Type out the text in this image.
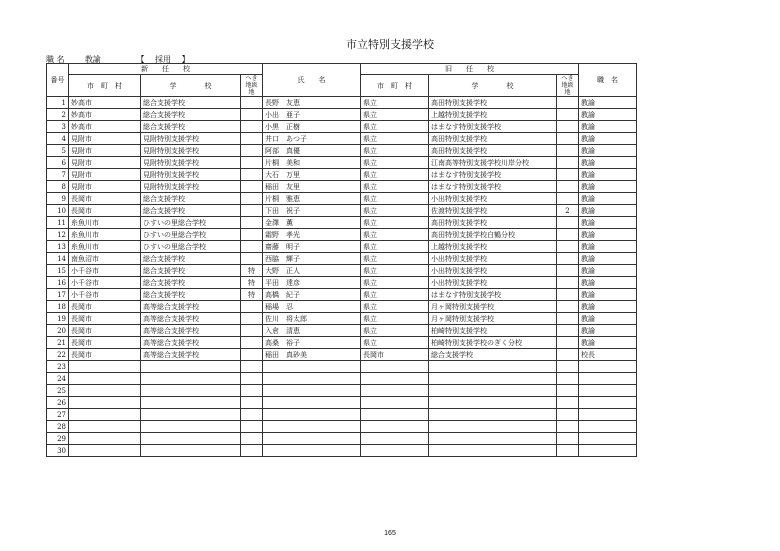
市立特別支援学校
職 名	教諭	【　 採用　 】
番号	新　　任　　校			氏　　名	旧　　任　　校			職　名
	市　町　村	学　　　　校	へき地級 地		市　町　村	学　　　　校	へき地級 地	
1	妙高市	総合支援学校		長野　友恵	県立	高田特別支援学校		教諭
2	妙高市	総合支援学校		小出　亜子	県立	上越特別支援学校		教諭
3	妙高市	総合支援学校		小黒　正樹	県立	はまなす特別支援学校		教諭
4	見附市	見附特別支援学校		井口　あつ子	県立	高田特別支援学校		教諭
5	見附市	見附特別支援学校		阿部　真優	県立	高田特別支援学校		教諭
6	見附市	見附特別支援学校		片桐　美和	県立	江南高等特別支援学校川岸分校		教諭
7	見附市	見附特別支援学校		大石　万里	県立	はまなす特別支援学校		教諭
8	見附市	見附特別支援学校		稲田　友里	県立	はまなす特別支援学校		教諭
9	長岡市	総合支援学校		片桐　雅恵	県立	小出特別支援学校		教諭
10	長岡市	総合支援学校		下田　祝子	県立	佐渡特別支援学校	2	教諭
11	糸魚川市	ひすいの里総合学校		金澤　薫	県立	高田特別支援学校		教諭
12	糸魚川市	ひすいの里総合学校		霜野　孝光	県立	高田特別支援学校白鶴分校		教諭
13	糸魚川市	ひすいの里総合学校		齋藤　明子	県立	上越特別支援学校		教諭
14	南魚沼市	総合支援学校		西脇　輝子	県立	小出特別支援学校		教諭
15	小千谷市	総合支援学校	特	大野　正人	県立	小出特別支援学校		教諭
16	小千谷市	総合支援学校	特	平田　達彦	県立	小出特別支援学校		教諭
17	小千谷市	総合支援学校	特	高橋　紀子	県立	はまなす特別支援学校		教諭
18	長岡市	高等総合支援学校		稲場　忍	県立	月ヶ岡特別支援学校		教諭
19	長岡市	高等総合支援学校		佐川　将太郎	県立	月ヶ岡特別支援学校		教諭
20	長岡市	高等総合支援学校		入倉　清恵	県立	柏崎特別支援学校		教諭
21	長岡市	高等総合支援学校		高桑　裕子	県立	柏崎特別支援学校のぎく分校		教諭
22	長岡市	高等総合支援学校		稲田　真砂美	長岡市	総合支援学校		校長
23								
24								
25								
26								
27								
28								
29								
30								
165
